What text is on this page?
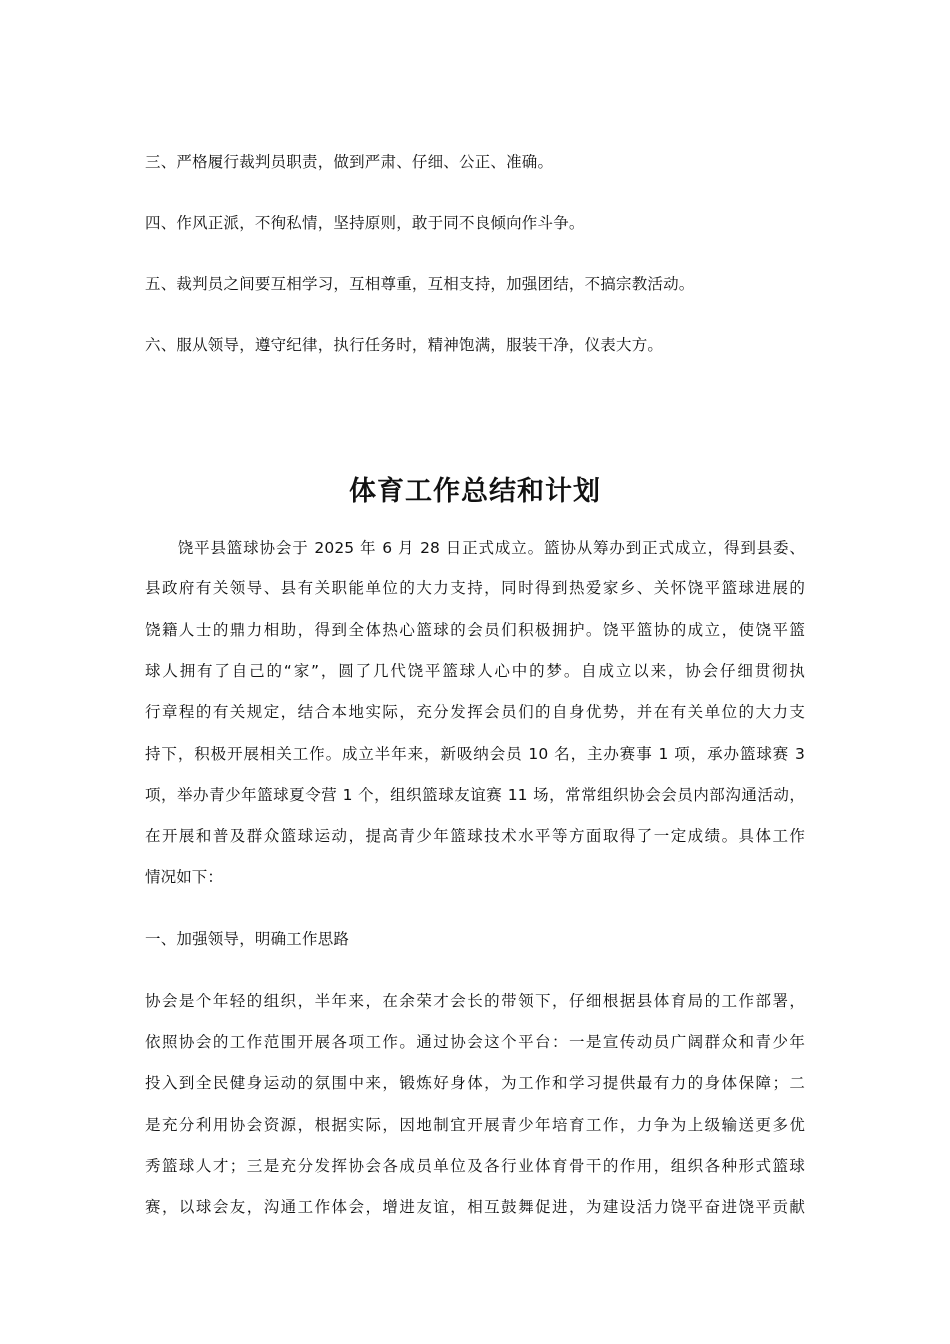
三、严格履行裁判员职责，做到严肃、仔细、公正、准确。
四、作风正派，不徇私情，坚持原则，敢于同不良倾向作斗争。
五、裁判员之间要互相学习，互相尊重，互相支持，加强团结，不搞宗教活动。
六、服从领导，遵守纪律，执行任务时，精神饱满，服装干净，仪表大方。
体育工作总结和计划
　　饶平县篮球协会于 2025 年 6 月 28 日正式成立。篮协从筹办到正式成立，得到县委、
县政府有关领导、县有关职能单位的大力支持，同时得到热爱家乡、关怀饶平篮球进展的
饶籍人士的鼎力相助，得到全体热心篮球的会员们积极拥护。饶平篮协的成立，使饶平篮
球人拥有了自己的“家”，圆了几代饶平篮球人心中的梦。自成立以来，协会仔细贯彻执
行章程的有关规定，结合本地实际，充分发挥会员们的自身优势，并在有关单位的大力支
持下，积极开展相关工作。成立半年来，新吸纳会员 10 名，主办赛事 1 项，承办篮球赛 3
项，举办青少年篮球夏令营 1 个，组织篮球友谊赛 11 场，常常组织协会会员内部沟通活动，
在开展和普及群众篮球运动，提高青少年篮球技术水平等方面取得了一定成绩。具体工作
情况如下：
一、加强领导，明确工作思路
协会是个年轻的组织，半年来，在余荣才会长的带领下，仔细根据县体育局的工作部署，
依照协会的工作范围开展各项工作。通过协会这个平台：一是宣传动员广阔群众和青少年
投入到全民健身运动的氛围中来，锻炼好身体，为工作和学习提供最有力的身体保障；二
是充分利用协会资源，根据实际，因地制宜开展青少年培育工作，力争为上级输送更多优
秀篮球人才；三是充分发挥协会各成员单位及各行业体育骨干的作用，组织各种形式篮球
赛，以球会友，沟通工作体会，增进友谊，相互鼓舞促进，为建设活力饶平奋进饶平贡献
